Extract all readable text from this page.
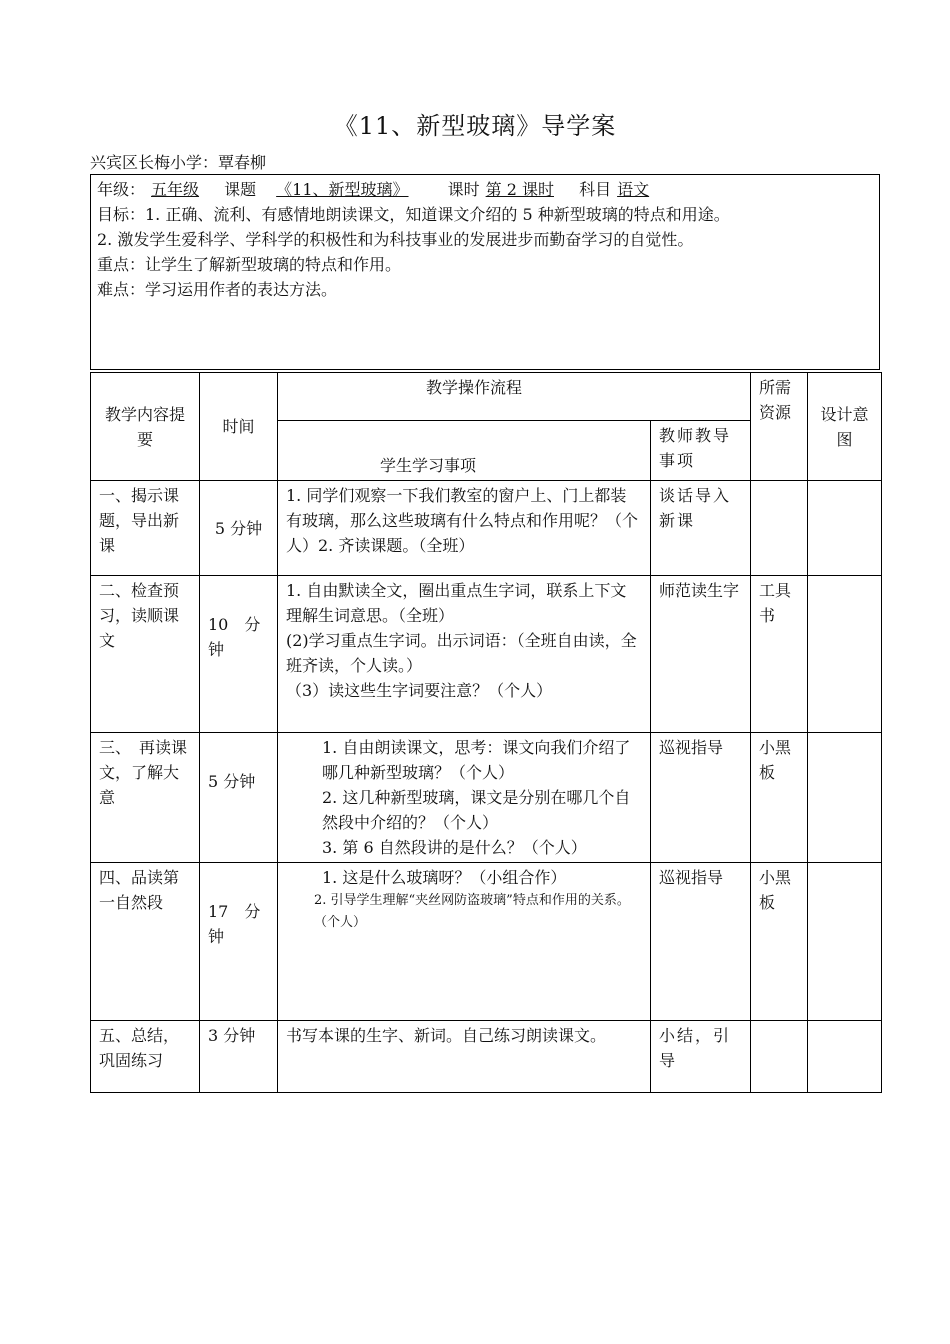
《11、新型玻璃》导学案
兴宾区长梅小学：覃春柳
年级： 五年级 课题 《11、新型玻璃》 课时 第 2 课时 科目 语文
目标：1. 正确、流利、有感情地朗读课文，知道课文介绍的 5 种新型玻璃的特点和用途。
2. 激发学生爱科学、学科学的积极性和为科技事业的发展进步而勤奋学习的自觉性。
重点：让学生了解新型玻璃的特点和作用。
难点：学习运用作者的表达方法。
教学内容提要	时间	教学操作流程		所需资源	设计意图
		学生学习事项	教师教导事项		
一、揭示课题，导出新课	5 分钟	1. 同学们观察一下我们教室的窗户上、门上都装有玻璃，那么这些玻璃有什么特点和作用呢？（个人）2. 齐读课题。（全班）	谈话导入新课		
二、检查预习，读顺课文	10　分钟	1. 自由默读全文，圈出重点生字词，联系上下文理解生词意思。（全班）
(2)学习重点生字词。出示词语：（全班自由读，全班齐读，个人读。）
（3）读这些生字词要注意？（个人）	师范读生字	工具书	
三、　再读课文，了解大意	5 分钟	1. 自由朗读课文，思考：课文向我们介绍了哪几种新型玻璃？（个人）
2. 这几种新型玻璃，课文是分别在哪几个自然段中介绍的？（个人）
3. 第 6 自然段讲的是什么？（个人）	巡视指导	小黑板	
四、品读第一自然段	17　分钟	1. 这是什么玻璃呀？（小组合作）
2. 引导学生理解“夹丝网防盗玻璃”特点和作用的关系。（个人）	巡视指导	小黑板	
五、总结，巩固练习	3 分钟	书写本课的生字、新词。自己练习朗读课文。	小结，引导		
